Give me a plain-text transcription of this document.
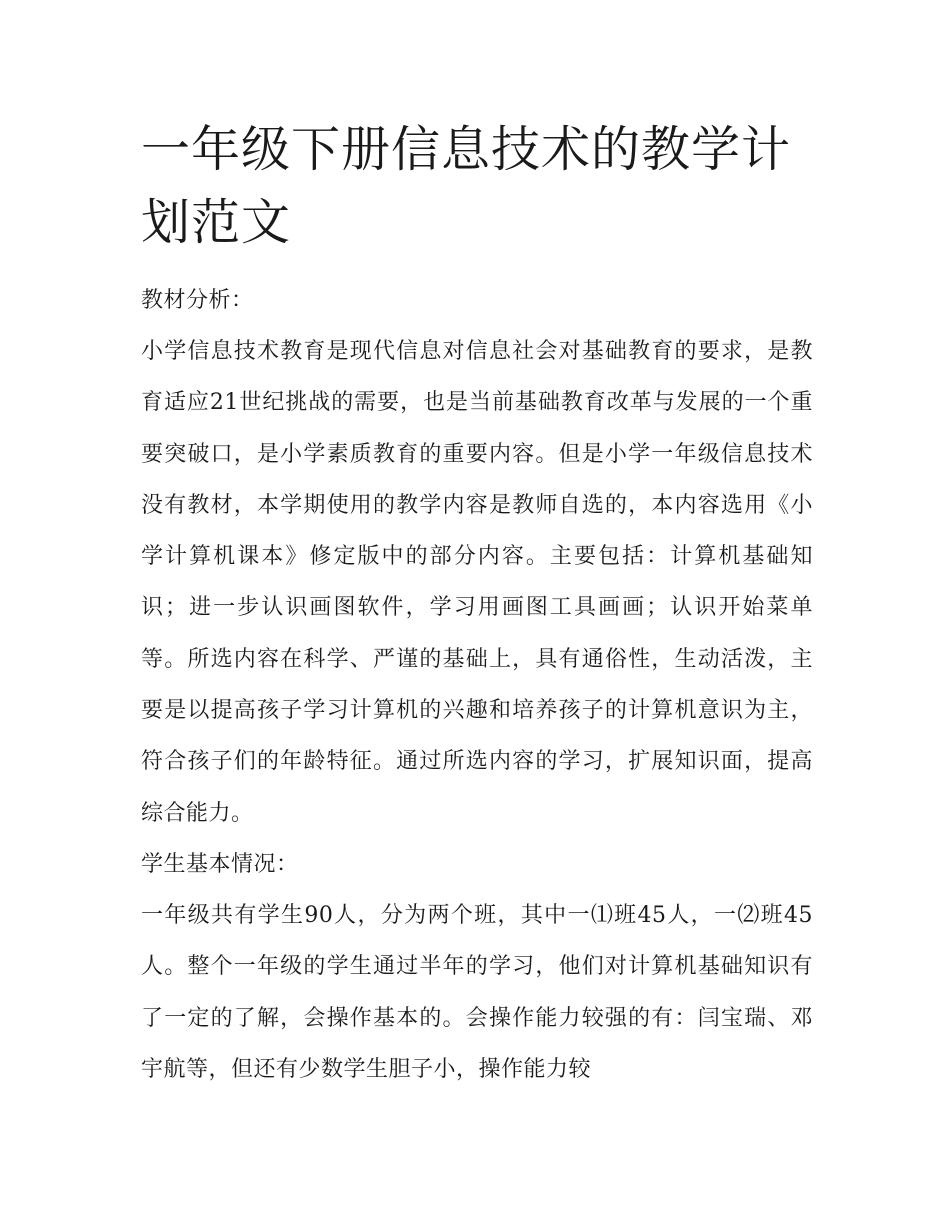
一年级下册信息技术的教学计划范文
教材分析：

小学信息技术教育是现代信息对信息社会对基础教育的要求，是教育适应21世纪挑战的需要，也是当前基础教育改革与发展的一个重要突破口，是小学素质教育的重要内容。但是小学一年级信息技术没有教材，本学期使用的教学内容是教师自选的，本内容选用《小学计算机课本》修定版中的部分内容。主要包括：计算机基础知识；进一步认识画图软件，学习用画图工具画画；认识开始菜单等。所选内容在科学、严谨的基础上，具有通俗性，生动活泼，主要是以提高孩子学习计算机的兴趣和培养孩子的计算机意识为主，符合孩子们的年龄特征。通过所选内容的学习，扩展知识面，提高综合能力。

学生基本情况：

一年级共有学生90人，分为两个班，其中一⑴班45人，一⑵班45人。整个一年级的学生通过半年的学习，他们对计算机基础知识有了一定的了解，会操作基本的。会操作能力较强的有：闫宝瑞、邓宇航等，但还有少数学生胆子小，操作能力较
